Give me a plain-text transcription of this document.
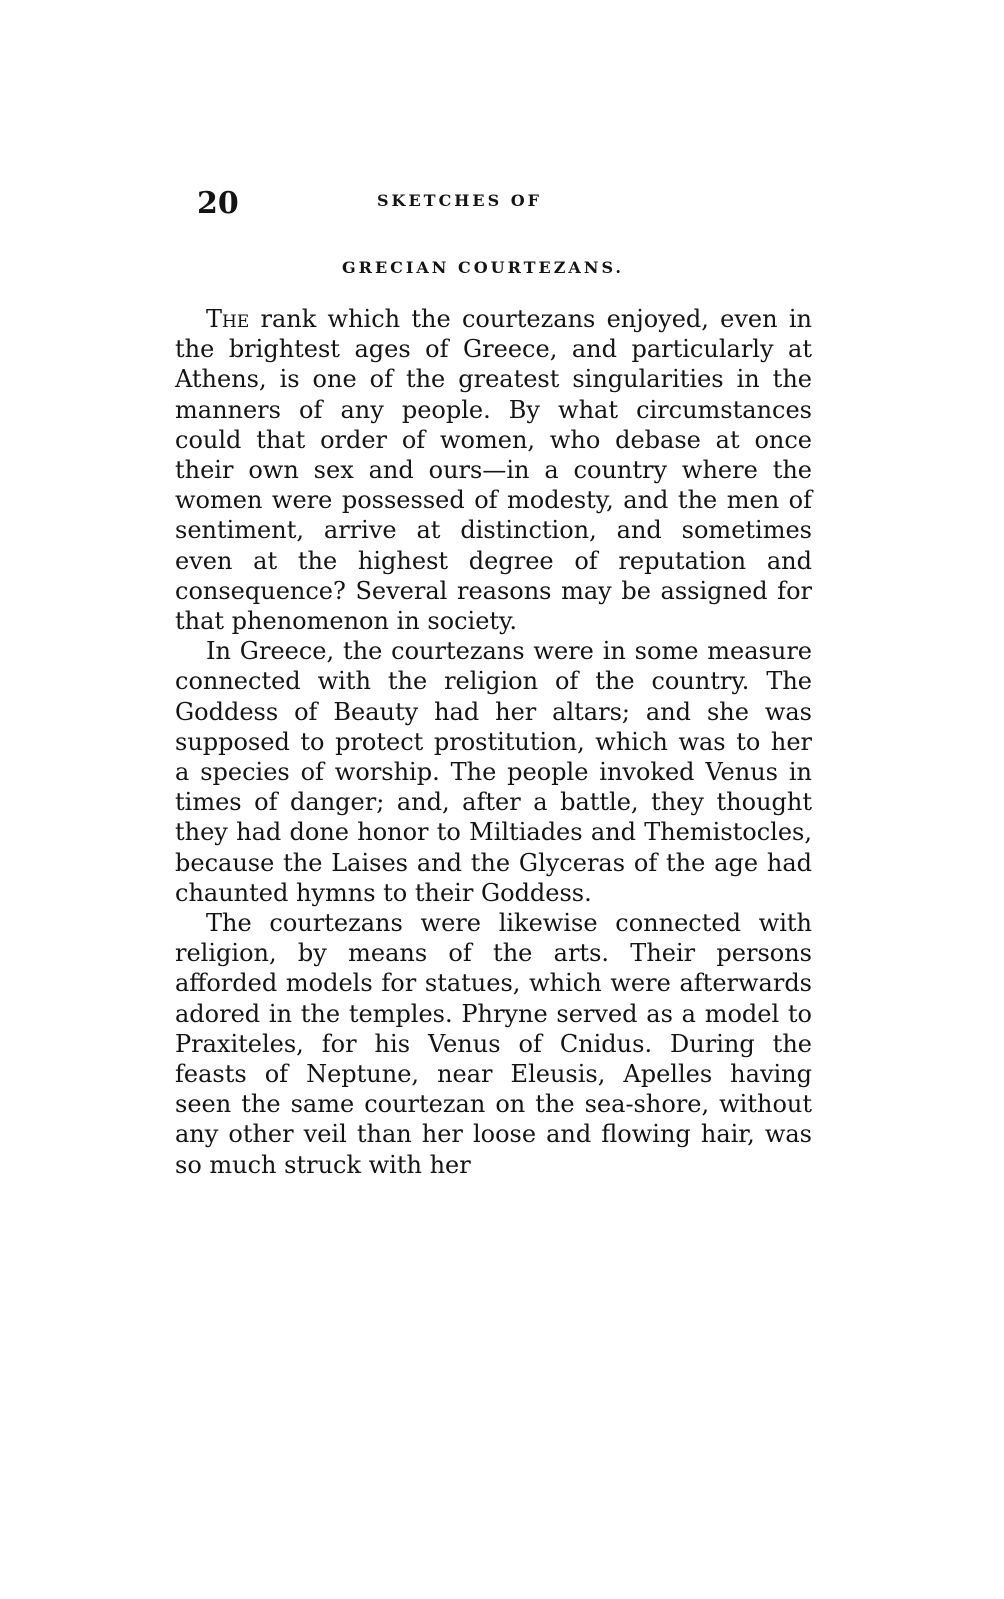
20	SKETCHES OF
GRECIAN COURTEZANS.

The rank which the courtezans enjoyed, even in the brightest ages of Greece, and particularly at Athens, is one of the greatest singularities in the manners of any people. By what circumstances could that order of women, who debase at once their own sex and ours—in a country where the women were possessed of modesty, and the men of sentiment, arrive at distinction, and sometimes even at the highest degree of reputation and consequence? Several reasons may be assigned for that phenomenon in society.

In Greece, the courtezans were in some measure connected with the religion of the country. The Goddess of Beauty had her altars; and she was supposed to protect prostitution, which was to her a species of worship. The people invoked Venus in times of danger; and, after a battle, they thought they had done honor to Miltiades and Themistocles, because the Laises and the Glyceras of the age had chaunted hymns to their Goddess.

The courtezans were likewise connected with religion, by means of the arts. Their persons afforded models for statues, which were afterwards adored in the temples. Phryne served as a model to Praxiteles, for his Venus of Cnidus. During the feasts of Neptune, near Eleusis, Apelles having seen the same courtezan on the sea-shore, without any other veil than her loose and flowing hair, was so much struck with her
